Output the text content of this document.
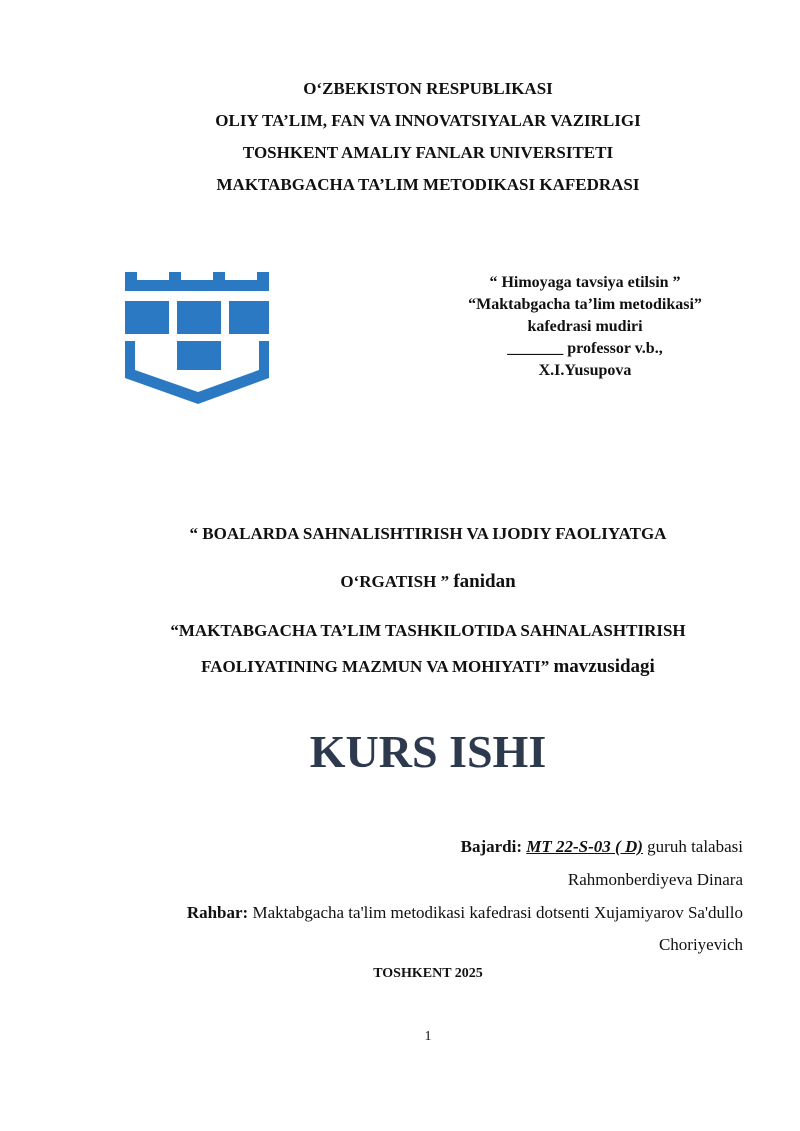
O‘ZBEKISTON RESPUBLIKASI
OLIY TA’LIM, FAN VA INNOVATSIYALAR VAZIRLIGI
TOSHKENT AMALIY FANLAR UNIVERSITETI
MAKTABGACHA TA’LIM METODIKASI KAFEDRASI
“ Himoyaga tavsiya etilsin ”
“Maktabgacha ta’lim metodikasi”
kafedrasi mudiri
_______ professor v.b.,
X.I.Yusupova
“ BOALARDA SAHNALISHTIRISH VA IJODIY FAOLIYATGA
O‘RGATISH ” fanidan
“MAKTABGACHA TA’LIM TASHKILOTIDA SAHNALASHTIRISH
FAOLIYATINING MAZMUN VA MOHIYATI” mavzusidagi
KURS ISHI
Bajardi: MT 22-S-03 ( D) guruh talabasi
Rahmonberdiyeva Dinara
Rahbar: Maktabgacha ta'lim metodikasi kafedrasi dotsenti Xujamiyarov Sa'dullo
Choriyevich
TOSHKENT 2025
1
